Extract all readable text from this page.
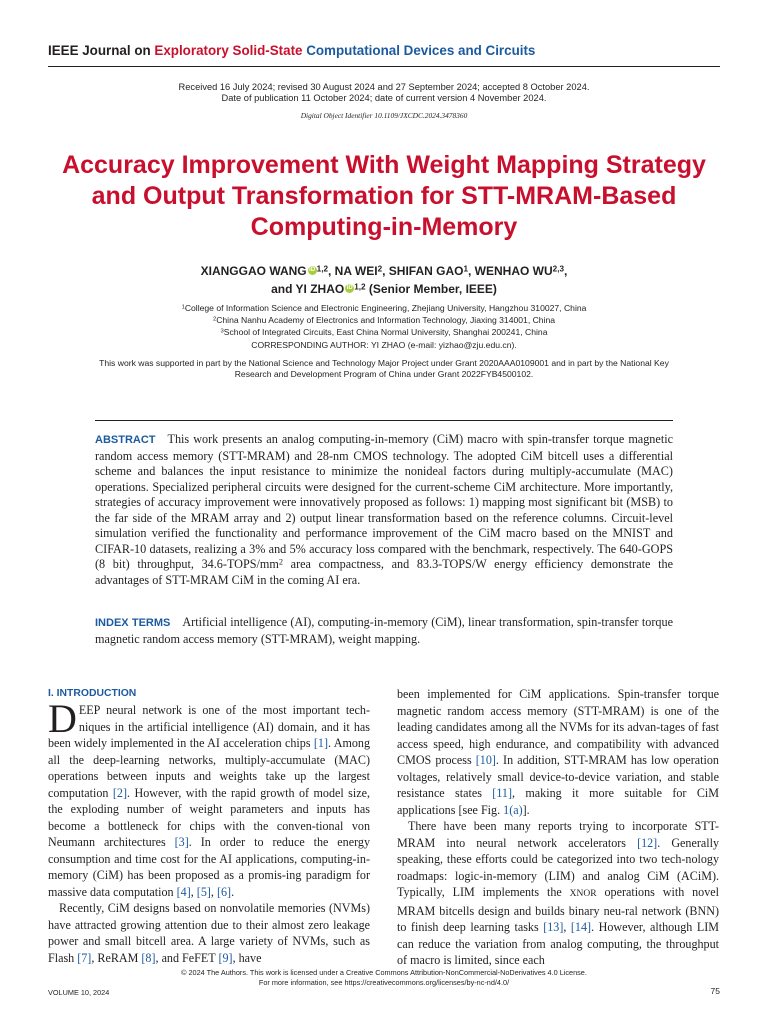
IEEE Journal on Exploratory Solid-State Computational Devices and Circuits
Received 16 July 2024; revised 30 August 2024 and 27 September 2024; accepted 8 October 2024.
Date of publication 11 October 2024; date of current version 4 November 2024.
Digital Object Identifier 10.1109/JXCDC.2024.3478360
Accuracy Improvement With Weight Mapping Strategy and Output Transformation for STT-MRAM-Based Computing-in-Memory
XIANGGAO WANG iD $^{1,2}$, NA WEI$^2$, SHIFAN GAO$^1$, WENHAO WU$^{2,3}$,
and YI ZHAO iD $^{1,2}$ (Senior Member, IEEE)
$^1$College of Information Science and Electronic Engineering, Zhejiang University, Hangzhou 310027, China
$^2$China Nanhu Academy of Electronics and Information Technology, Jiaxing 314001, China
$^3$School of Integrated Circuits, East China Normal University, Shanghai 200241, China
CORRESPONDING AUTHOR: YI ZHAO (e-mail: yizhao@zju.edu.cn).
This work was supported in part by the National Science and Technology Major Project under Grant 2020AAA0109001 and in part by the National Key Research and Development Program of China under Grant 2022FYB4500102.
ABSTRACT This work presents an analog computing-in-memory (CiM) macro with spin-transfer torque magnetic random access memory (STT-MRAM) and 28-nm CMOS technology. The adopted CiM bitcell uses a differential scheme and balances the input resistance to minimize the nonideal factors during multiply-accumulate (MAC) operations. Specialized peripheral circuits were designed for the current-scheme CiM architecture. More importantly, strategies of accuracy improvement were innovatively proposed as follows: 1) mapping most significant bit (MSB) to the far side of the MRAM array and 2) output linear transformation based on the reference columns. Circuit-level simulation verified the functionality and performance improvement of the CiM macro based on the MNIST and CIFAR-10 datasets, realizing a 3% and 5% accuracy loss compared with the benchmark, respectively. The 640-GOPS (8 bit) throughput, $34.6-TOPS/mm^2$ area compactness, and 83.3-TOPS/W energy efficiency demonstrate the advantages of STT-MRAM CiM in the coming AI era.
INDEX TERMS Artificial intelligence (AI), computing-in-memory (CiM), linear transformation, spin-transfer torque magnetic random access memory (STT-MRAM), weight mapping.
I. INTRODUCTION

DEEP neural network is one of the most important tech-niques in the artificial intelligence (AI) domain, and it has been widely implemented in the AI acceleration chips [1]. Among all the deep-learning networks, multiply-accumulate (MAC) operations between inputs and weights take up the largest computation [2]. However, with the rapid growth of model size, the exploding number of weight parameters and inputs has become a bottleneck for chips with the conven-tional von Neumann architectures [3]. In order to reduce the energy consumption and time cost for the AI applications, computing-in-memory (CiM) has been proposed as a promis-ing paradigm for massive data computation [4], [5], [6].

Recently, CiM designs based on nonvolatile memories (NVMs) have attracted growing attention due to their almost zero leakage power and small bitcell area. A large variety of NVMs, such as Flash [7], ReRAM [8], and FeFET [9], have

been implemented for CiM applications. Spin-transfer torque magnetic random access memory (STT-MRAM) is one of the leading candidates among all the NVMs for its advan-tages of fast access speed, high endurance, and compatibility with advanced CMOS process [10]. In addition, STT-MRAM has low operation voltages, relatively small device-to-device variation, and stable resistance states [11], making it more suitable for CiM applications [see Fig. 1(a)].

There have been many reports trying to incorporate STT-MRAM into neural network accelerators [12]. Generally speaking, these efforts could be categorized into two tech-nology roadmaps: logic-in-memory (LIM) and analog CiM (ACiM). Typically, LIM implements the XNOR operations with novel MRAM bitcells design and builds binary neu-ral network (BNN) to finish deep learning tasks [13], [14]. However, although LIM can reduce the variation from analog computing, the throughput of macro is limited, since each

© 2024 The Authors. This work is licensed under a Creative Commons Attribution-NonCommercial-NoDerivatives 4.0 License.
For more information, see https://creativecommons.org/licenses/by-nc-nd/4.0/
VOLUME 10, 2024	75
